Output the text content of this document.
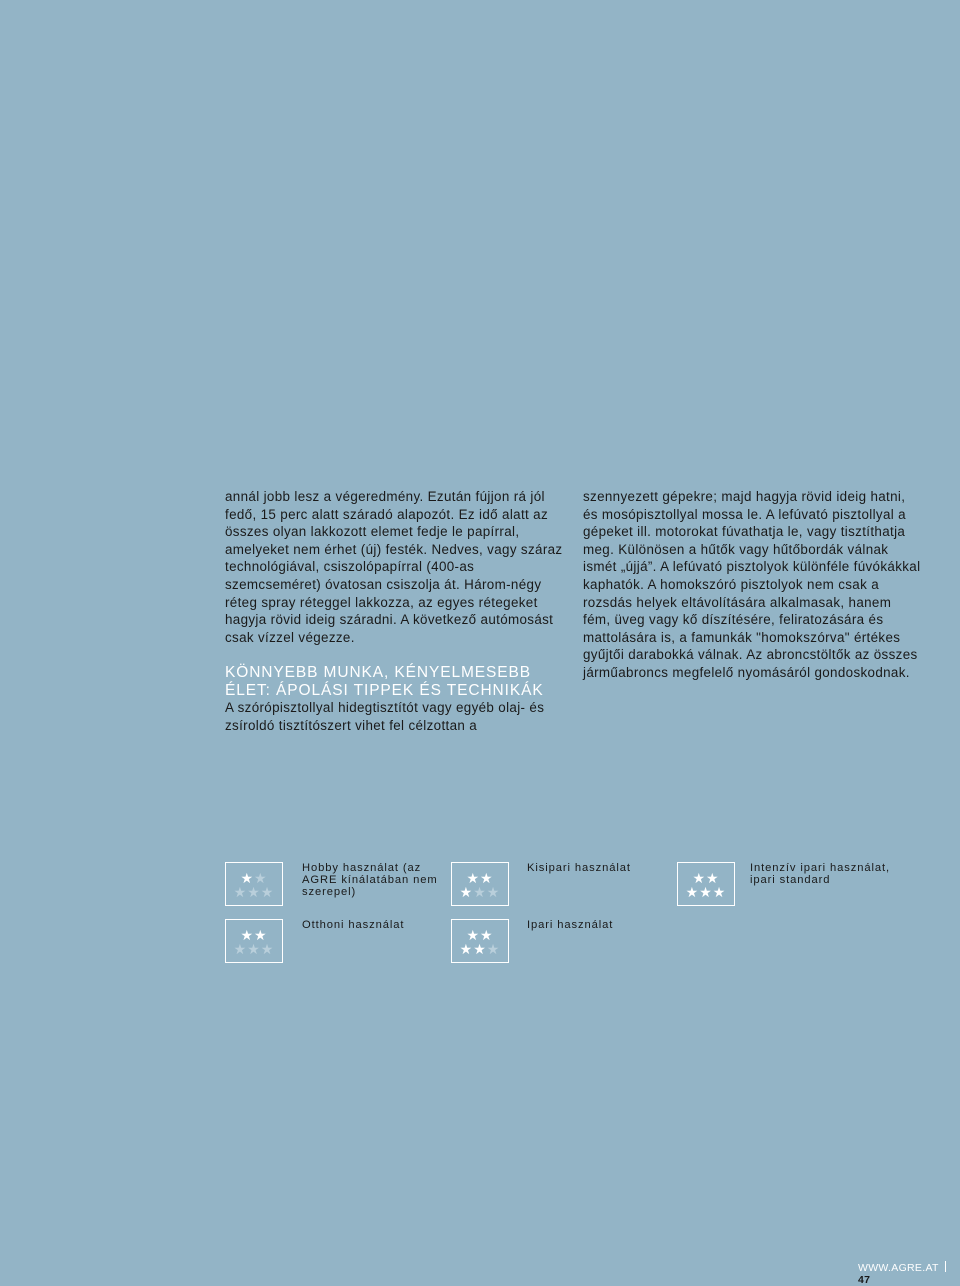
annál jobb lesz a végeredmény. Ezután fújjon rá jól fedő, 15 perc alatt száradó alapozót. Ez idő alatt az összes olyan lakkozott elemet fedje le papírral, amelyeket nem érhet (új) festék. Nedves, vagy száraz technológiával, csiszolópapírral (400-as szemcseméret) óvatosan csiszolja át. Három-négy réteg spray réteggel lakkozza, az egyes rétegeket hagyja rövid ideig száradni. A következő autómosást csak vízzel végezze.

KÖNNYEBB MUNKA, KÉNYELMESEBB ÉLET: ÁPOLÁSI TIPPEK ÉS TECHNIKÁK

A szórópisztollyal hidegtisztítót vagy egyéb olaj- és zsíroldó tisztítószert vihet fel célzottan a

szennyezett gépekre; majd hagyja rövid ideig hatni, és mosópisztollyal mossa le. A lefúvató pisztollyal a gépeket ill. motorokat fúvathatja le, vagy tisztíthatja meg. Különösen a hűtők vagy hűtőbordák válnak ismét „újjá”. A lefúvató pisztolyok különféle fúvókákkal kaphatók. A homokszóró pisztolyok nem csak a rozsdás helyek eltávolítására alkalmasak, hanem fém, üveg vagy kő díszítésére, feliratozására és mattolására is, a famunkák "homokszórva" értékes gyűjtői darabokká válnak. Az abroncstöltők az összes járműabroncs megfelelő nyomásáról gondoskodnak.

★★
★★★
Hobby használat (az AGRE kínálatában nem szerepel)
★★
★★★
Kisipari használat
★★
★★★
Intenzív ipari használat, ipari standard
★★
★★★
Otthoni használat
★★
★★★
Ipari használat
WWW.AGRE.AT47
